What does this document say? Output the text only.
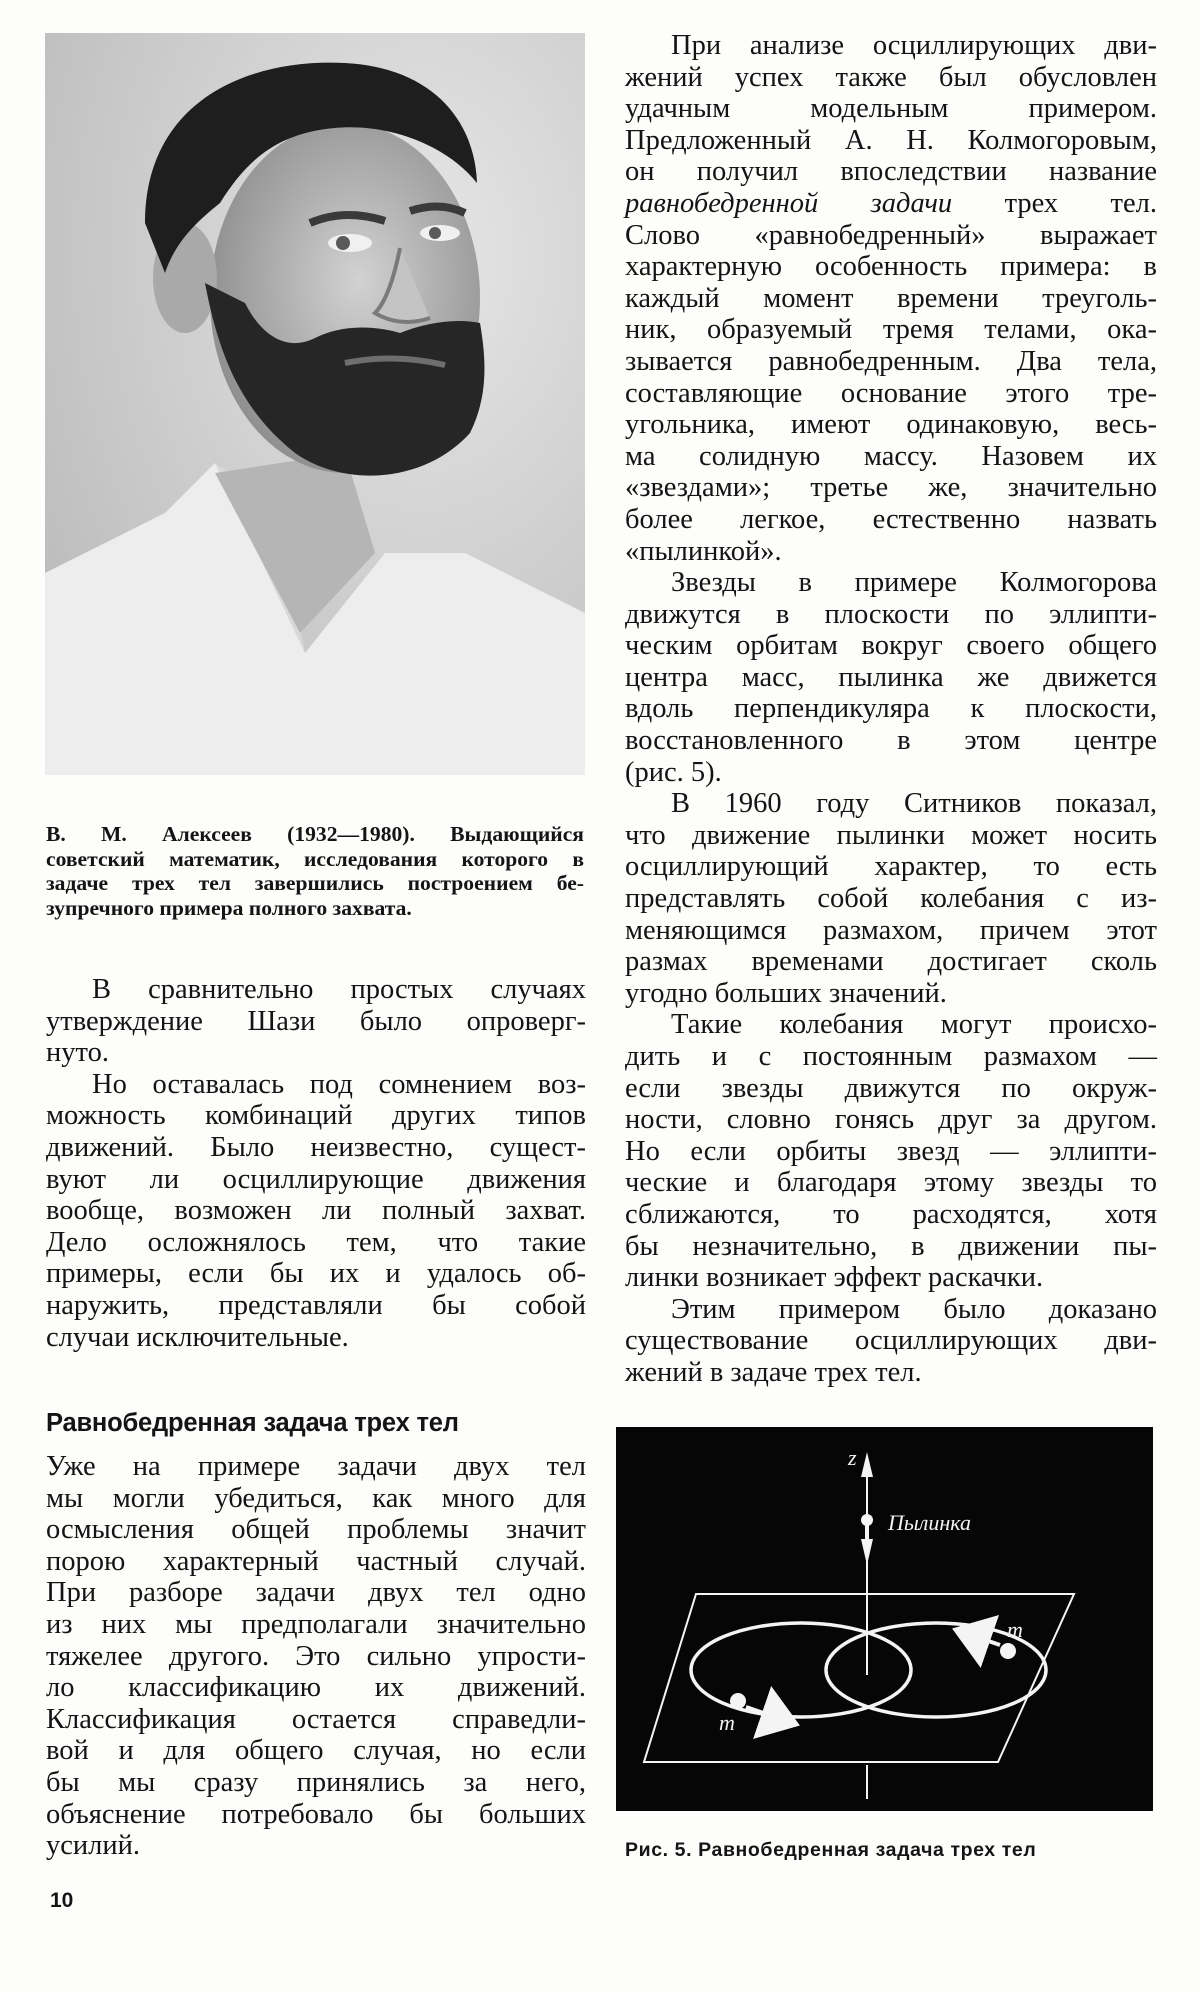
В. М. Алексеев (1932—1980). Выдающийся
советский математик, исследования которого в
задаче трех тел завершились построением бе-
зупречного примера полного захвата.
В сравнительно простых случаях
утверждение Шази было опроверг-
нуто.
Но оставалась под сомнением воз-
можность комбинаций других типов
движений. Было неизвестно, сущест-
вуют ли осциллирующие движения
вообще, возможен ли полный захват.
Дело осложнялось тем, что такие
примеры, если бы их и удалось об-
наружить, представляли бы собой
случаи исключительные.
Равнобедренная задача трех тел
Уже на примере задачи двух тел
мы могли убедиться, как много для
осмысления общей проблемы значит
порою характерный частный случай.
При разборе задачи двух тел одно
из них мы предполагали значительно
тяжелее другого. Это сильно упрости-
ло классификацию их движений.
Классификация остается справедли-
вой и для общего случая, но если
бы мы сразу принялись за него,
объяснение потребовало бы больших
усилий.
При анализе осциллирующих дви-
жений успех также был обусловлен
удачным модельным примером.
Предложенный А. Н. Колмогоровым,
он получил впоследствии название
равнобедренной задачи трех тел.
Слово «равнобедренный» выражает
характерную особенность примера: в
каждый момент времени треуголь-
ник, образуемый тремя телами, ока-
зывается равнобедренным. Два тела,
составляющие основание этого тре-
угольника, имеют одинаковую, весь-
ма солидную массу. Назовем их
«звездами»; третье же, значительно
более легкое, естественно назвать
«пылинкой».
Звезды в примере Колмогорова
движутся в плоскости по эллипти-
ческим орбитам вокруг своего общего
центра масс, пылинка же движется
вдоль перпендикуляра к плоскости,
восстановленного в этом центре
(рис. 5).
В 1960 году Ситников показал,
что движение пылинки может носить
осциллирующий характер, то есть
представлять собой колебания с из-
меняющимся размахом, причем этот
размах временами достигает сколь
угодно больших значений.
Такие колебания могут происхо-
дить и с постоянным размахом —
если звезды движутся по окруж-
ности, словно гонясь друг за другом.
Но если орбиты звезд — эллипти-
ческие и благодаря этому звезды то
сближаются, то расходятся, хотя
бы незначительно, в движении пы-
линки возникает эффект раскачки.
Этим примером было доказано
существование осциллирующих дви-
жений в задаче трех тел.
z
Пылинка
m
m
Рис. 5. Равнобедренная задача трех тел
10
